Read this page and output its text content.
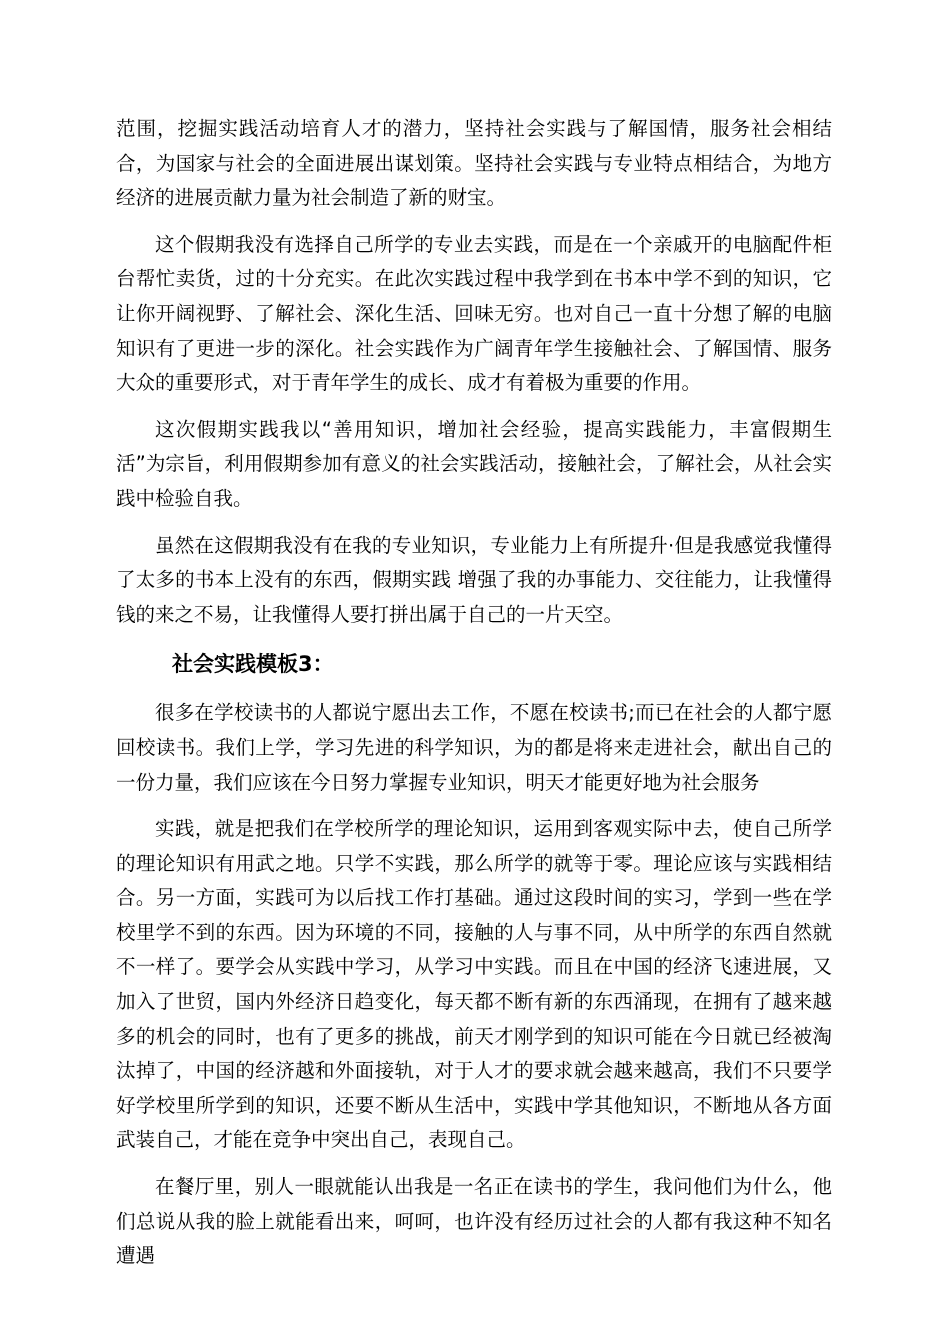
范围，挖掘实践活动培育人才的潜力，坚持社会实践与了解国情，服务社会相结合，为国家与社会的全面进展出谋划策。坚持社会实践与专业特点相结合，为地方经济的进展贡献力量为社会制造了新的财宝。

这个假期我没有选择自己所学的专业去实践，而是在一个亲戚开的电脑配件柜台帮忙卖货，过的十分充实。在此次实践过程中我学到在书本中学不到的知识，它让你开阔视野、了解社会、深化生活、回味无穷。也对自己一直十分想了解的电脑知识有了更进一步的深化。社会实践作为广阔青年学生接触社会、了解国情、服务大众的重要形式，对于青年学生的成长、成才有着极为重要的作用。

这次假期实践我以“善用知识，增加社会经验，提高实践能力，丰富假期生活”为宗旨，利用假期参加有意义的社会实践活动，接触社会，了解社会，从社会实践中检验自我。

虽然在这假期我没有在我的专业知识，专业能力上有所提升·但是我感觉我懂得了太多的书本上没有的东西，假期实践 增强了我的办事能力、交往能力，让我懂得钱的来之不易，让我懂得人要打拼出属于自己的一片天空。

社会实践模板3：

很多在学校读书的人都说宁愿出去工作，不愿在校读书;而已在社会的人都宁愿回校读书。我们上学，学习先进的科学知识，为的都是将来走进社会，献出自己的一份力量，我们应该在今日努力掌握专业知识，明天才能更好地为社会服务

实践，就是把我们在学校所学的理论知识，运用到客观实际中去，使自己所学的理论知识有用武之地。只学不实践，那么所学的就等于零。理论应该与实践相结合。另一方面，实践可为以后找工作打基础。通过这段时间的实习，学到一些在学校里学不到的东西。因为环境的不同，接触的人与事不同，从中所学的东西自然就不一样了。要学会从实践中学习，从学习中实践。而且在中国的经济飞速进展，又加入了世贸，国内外经济日趋变化，每天都不断有新的东西涌现，在拥有了越来越多的机会的同时，也有了更多的挑战，前天才刚学到的知识可能在今日就已经被淘汰掉了，中国的经济越和外面接轨，对于人才的要求就会越来越高，我们不只要学好学校里所学到的知识，还要不断从生活中，实践中学其他知识，不断地从各方面武装自己，才能在竞争中突出自己，表现自己。

在餐厅里，别人一眼就能认出我是一名正在读书的学生，我问他们为什么，他们总说从我的脸上就能看出来，呵呵，也许没有经历过社会的人都有我这种不知名遭遇
